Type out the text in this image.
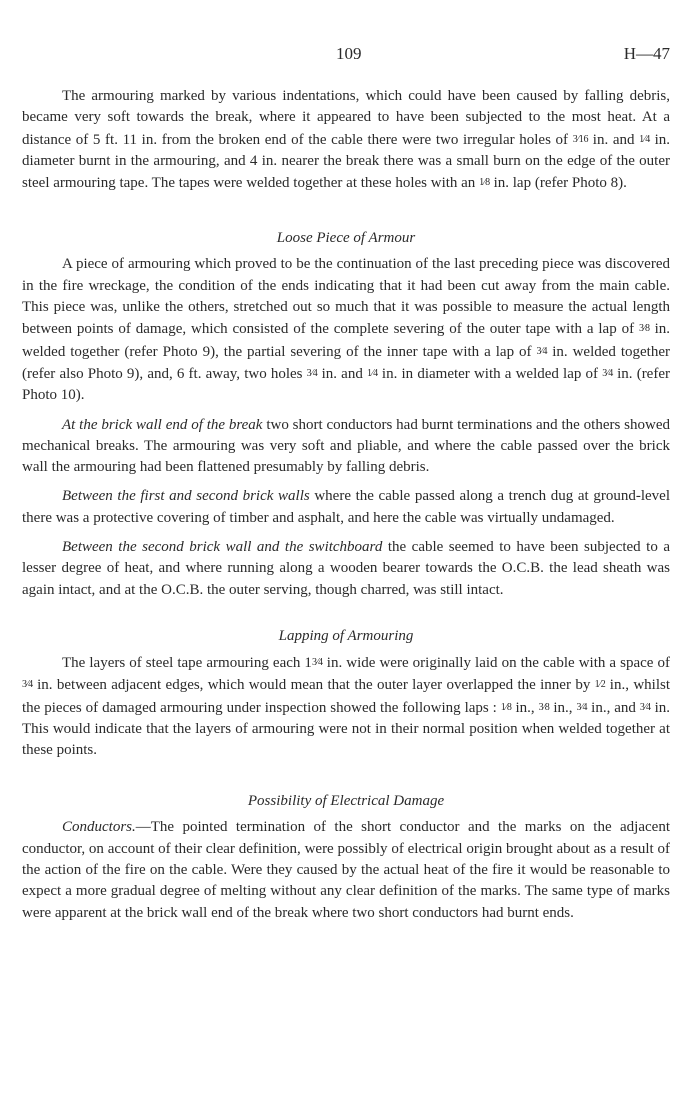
109	H—47

The armouring marked by various indentations, which could have been caused by falling debris, became very soft towards the break, where it appeared to have been subjected to the most heat. At a distance of 5 ft. 11 in. from the broken end of the cable there were two irregular holes of 3⁄16 in. and 1⁄4 in. diameter burnt in the armouring, and 4 in. nearer the break there was a small burn on the edge of the outer steel armouring tape. The tapes were welded together at these holes with an 1⁄8 in. lap (refer Photo 8).

Loose Piece of Armour

A piece of armouring which proved to be the continuation of the last preceding piece was discovered in the fire wreckage, the condition of the ends indicating that it had been cut away from the main cable. This piece was, unlike the others, stretched out so much that it was possible to measure the actual length between points of damage, which consisted of the complete severing of the outer tape with a lap of 3⁄8 in. welded together (refer Photo 9), the partial severing of the inner tape with a lap of 3⁄4 in. welded together (refer also Photo 9), and, 6 ft. away, two holes 3⁄4 in. and 1⁄4 in. in diameter with a welded lap of 3⁄4 in. (refer Photo 10).

At the brick wall end of the break two short conductors had burnt terminations and the others showed mechanical breaks. The armouring was very soft and pliable, and where the cable passed over the brick wall the armouring had been flattened presumably by falling debris.

Between the first and second brick walls where the cable passed along a trench dug at ground-level there was a protective covering of timber and asphalt, and here the cable was virtually undamaged.

Between the second brick wall and the switchboard the cable seemed to have been subjected to a lesser degree of heat, and where running along a wooden bearer towards the O.C.B. the lead sheath was again intact, and at the O.C.B. the outer serving, though charred, was still intact.

Lapping of Armouring

The layers of steel tape armouring each 13⁄4 in. wide were originally laid on the cable with a space of 3⁄4 in. between adjacent edges, which would mean that the outer layer overlapped the inner by 1⁄2 in., whilst the pieces of damaged armouring under inspection showed the following laps : 1⁄8 in., 3⁄8 in., 3⁄4 in., and 3⁄4 in. This would indicate that the layers of armouring were not in their normal position when welded together at these points.

Possibility of Electrical Damage

Conductors.—The pointed termination of the short conductor and the marks on the adjacent conductor, on account of their clear definition, were possibly of electrical origin brought about as a result of the action of the fire on the cable. Were they caused by the actual heat of the fire it would be reasonable to expect a more gradual degree of melting without any clear definition of the marks. The same type of marks were apparent at the brick wall end of the break where two short conductors had burnt ends.
